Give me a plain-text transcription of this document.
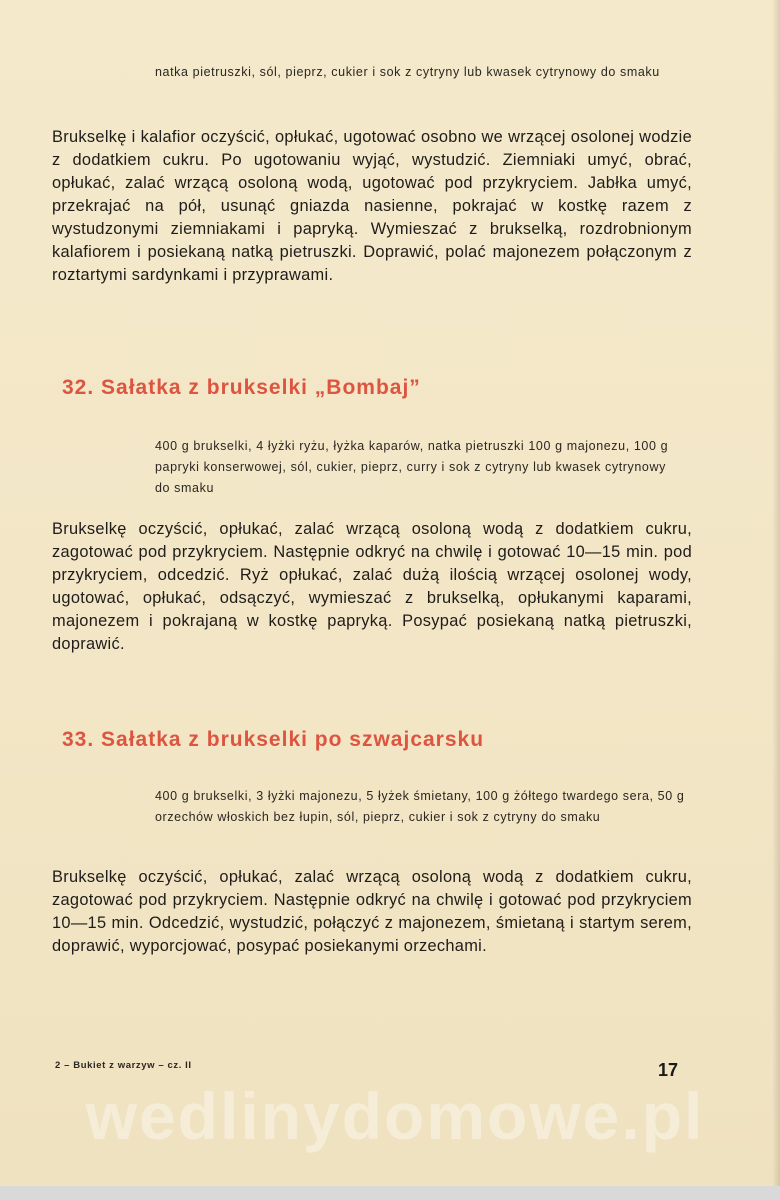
natka pietruszki, sól, pieprz, cukier i sok z cytryny lub kwasek cytrynowy do smaku

Brukselkę i kalafior oczyścić, opłukać, ugotować osobno we wrzącej osolonej wodzie z dodatkiem cukru. Po ugotowaniu wyjąć, wystudzić. Ziemniaki umyć, obrać, opłukać, zalać wrzącą osoloną wodą, ugotować pod przykryciem. Jabłka umyć, przekrajać na pół, usunąć gniazda nasienne, pokrajać w kostkę razem z wystudzonymi ziemniakami i papryką. Wymieszać z brukselką, rozdrobnionym kalafiorem i posiekaną natką pietruszki. Doprawić, polać majonezem połączonym z roztartymi sardynkami i przyprawami.

32. Sałatka z brukselki „Bombaj”

400 g brukselki, 4 łyżki ryżu, łyżka kaparów, natka pietruszki 100 g majonezu, 100 g papryki konserwowej, sól, cukier, pieprz, curry i sok z cytryny lub kwasek cytrynowy do smaku

Brukselkę oczyścić, opłukać, zalać wrzącą osoloną wodą z dodatkiem cukru, zagotować pod przykryciem. Następnie odkryć na chwilę i gotować 10—15 min. pod przykryciem, odcedzić. Ryż opłukać, zalać dużą ilością wrzącej osolonej wody, ugotować, opłukać, odsączyć, wymieszać z brukselką, opłukanymi kaparami, majonezem i pokrajaną w kostkę papryką. Posypać posiekaną natką pietruszki, doprawić.

33. Sałatka z brukselki po szwajcarsku

400 g brukselki, 3 łyżki majonezu, 5 łyżek śmietany, 100 g żółtego twardego sera, 50 g orzechów włoskich bez łupin, sól, pieprz, cukier i sok z cytryny do smaku

Brukselkę oczyścić, opłukać, zalać wrzącą osoloną wodą z dodatkiem cukru, zagotować pod przykryciem. Następnie odkryć na chwilę i gotować pod przykryciem 10—15 min. Odcedzić, wystudzić, połączyć z majonezem, śmietaną i startym serem, doprawić, wyporcjować, posypać posiekanymi orzechami.

2 – Bukiet z warzyw – cz. II	17

wedlinydomowe.pl
